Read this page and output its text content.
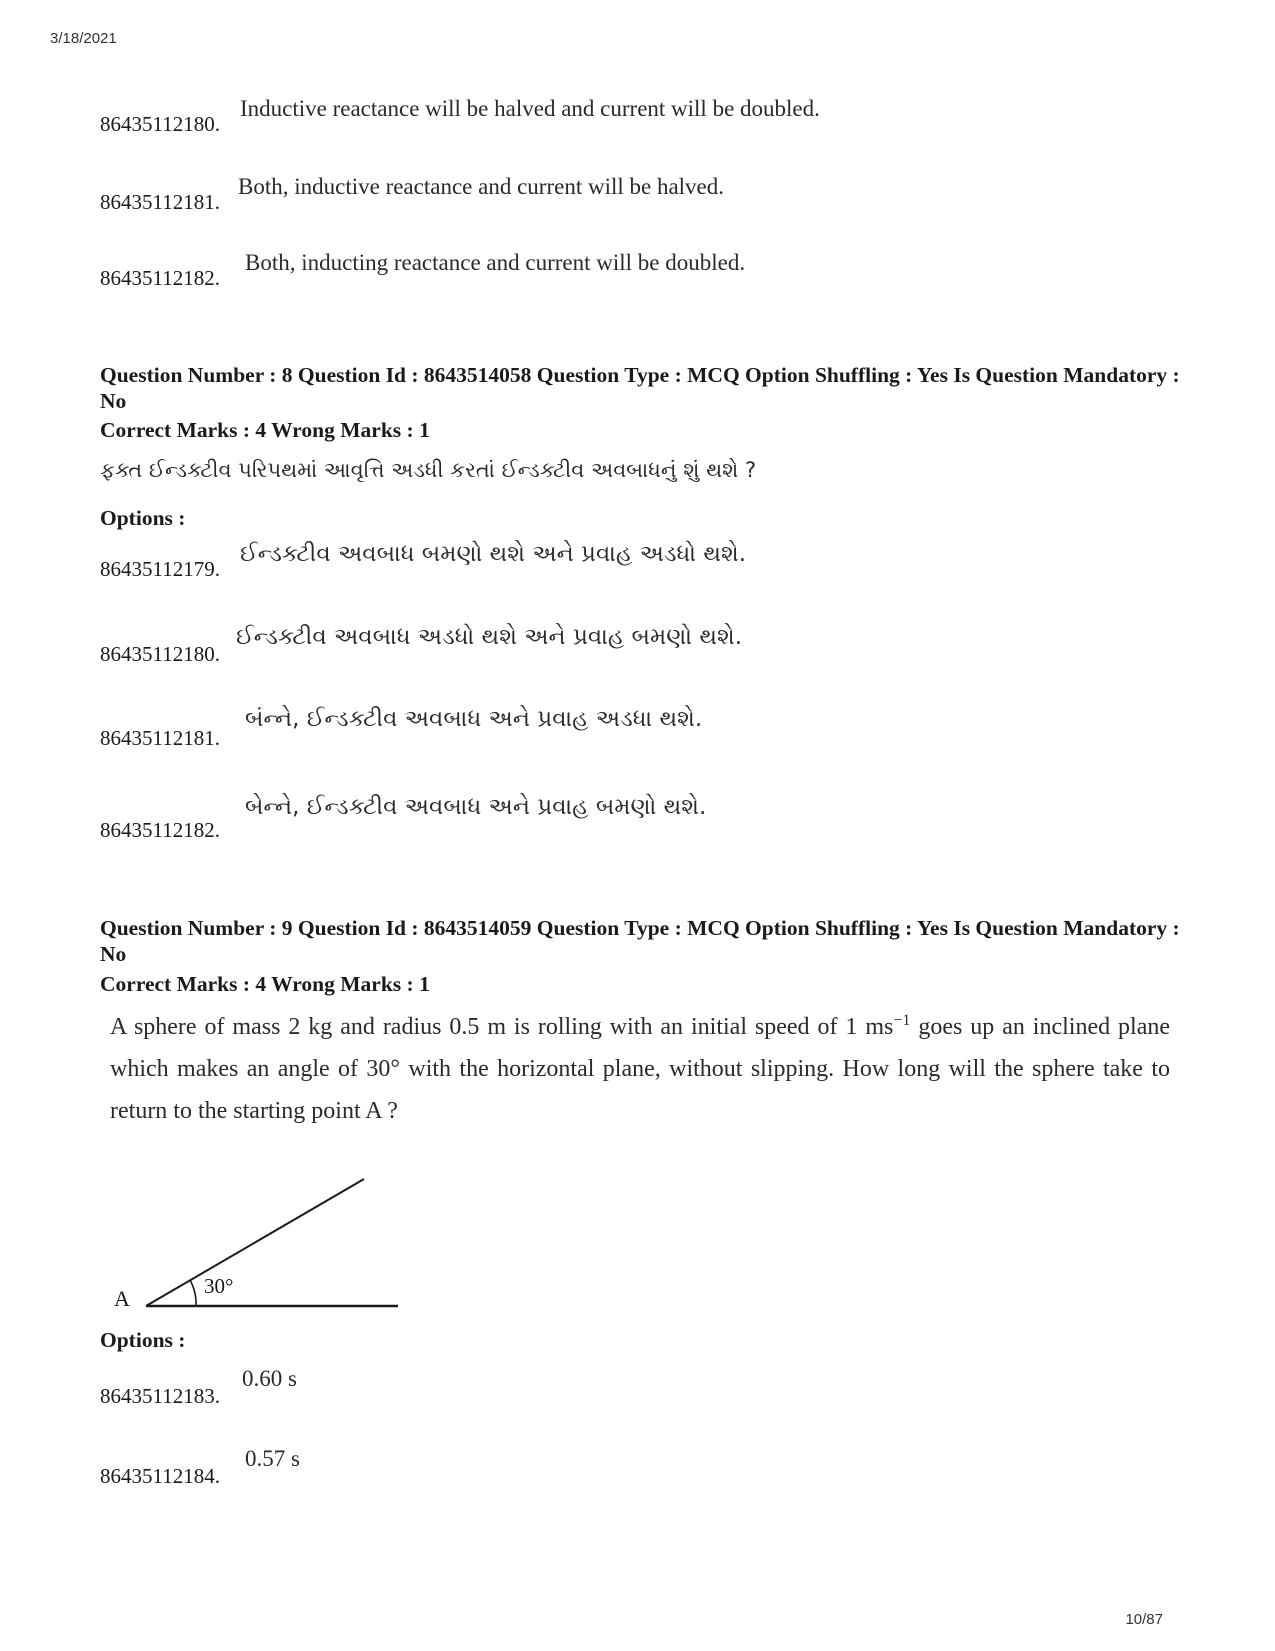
3/18/2021
86435112180.
Inductive reactance will be halved and current will be doubled.
86435112181.
Both, inductive reactance and current will be halved.
86435112182.
Both, inducting reactance and current will be doubled.
Question Number : 8 Question Id : 8643514058 Question Type : MCQ Option Shuffling : Yes Is Question Mandatory : No
Correct Marks : 4 Wrong Marks : 1
ફક્ત ઈન્ડક્ટીવ પરિપથમાં આવૃત્તિ અડધી કરતાં ઈન્ડક્ટીવ અવબાધનું શું થશે ?
Options :
86435112179.
ઈન્ડક્ટીવ અવબાધ બમણો થશે અને પ્રવાહ અડધો થશે.
86435112180.
ઈન્ડક્ટીવ અવબાધ અડધો થશે અને પ્રવાહ બમણો થશે.
86435112181.
બંન્ને, ઈન્ડક્ટીવ અવબાધ અને પ્રવાહ અડધા થશે.
86435112182.
બેન્ને, ઈન્ડક્ટીવ અવબાધ અને પ્રવાહ બમણો થશે.
Question Number : 9 Question Id : 8643514059 Question Type : MCQ Option Shuffling : Yes Is Question Mandatory : No
Correct Marks : 4 Wrong Marks : 1
A sphere of mass 2 kg and radius 0.5 m is rolling with an initial speed of 1 $ms^{-1}$ goes up an inclined plane which makes an angle of 30° with the horizontal plane, without slipping. How long will the sphere take to return to the starting point A ?
A	30°
Options :
86435112183.
0.60 s
86435112184.
0.57 s
10/87
